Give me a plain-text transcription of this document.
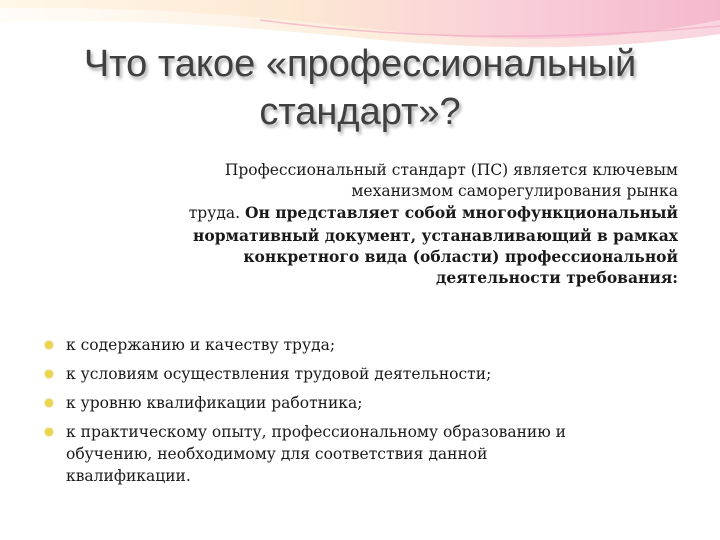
Что такое «профессиональный
стандарт»?
Профессиональный стандарт (ПС) является ключевым
механизмом саморегулирования рынка
труда. Он представляет собой многофункциональный
нормативный документ, устанавливающий в рамках
конкретного вида (области) профессиональной
деятельности требования:
к содержанию и качеству труда;
к условиям осуществления трудовой деятельности;
к уровню квалификации работника;
к практическому опыту, профессиональному образованию и
обучению, необходимому для соответствия данной
квалификации.
